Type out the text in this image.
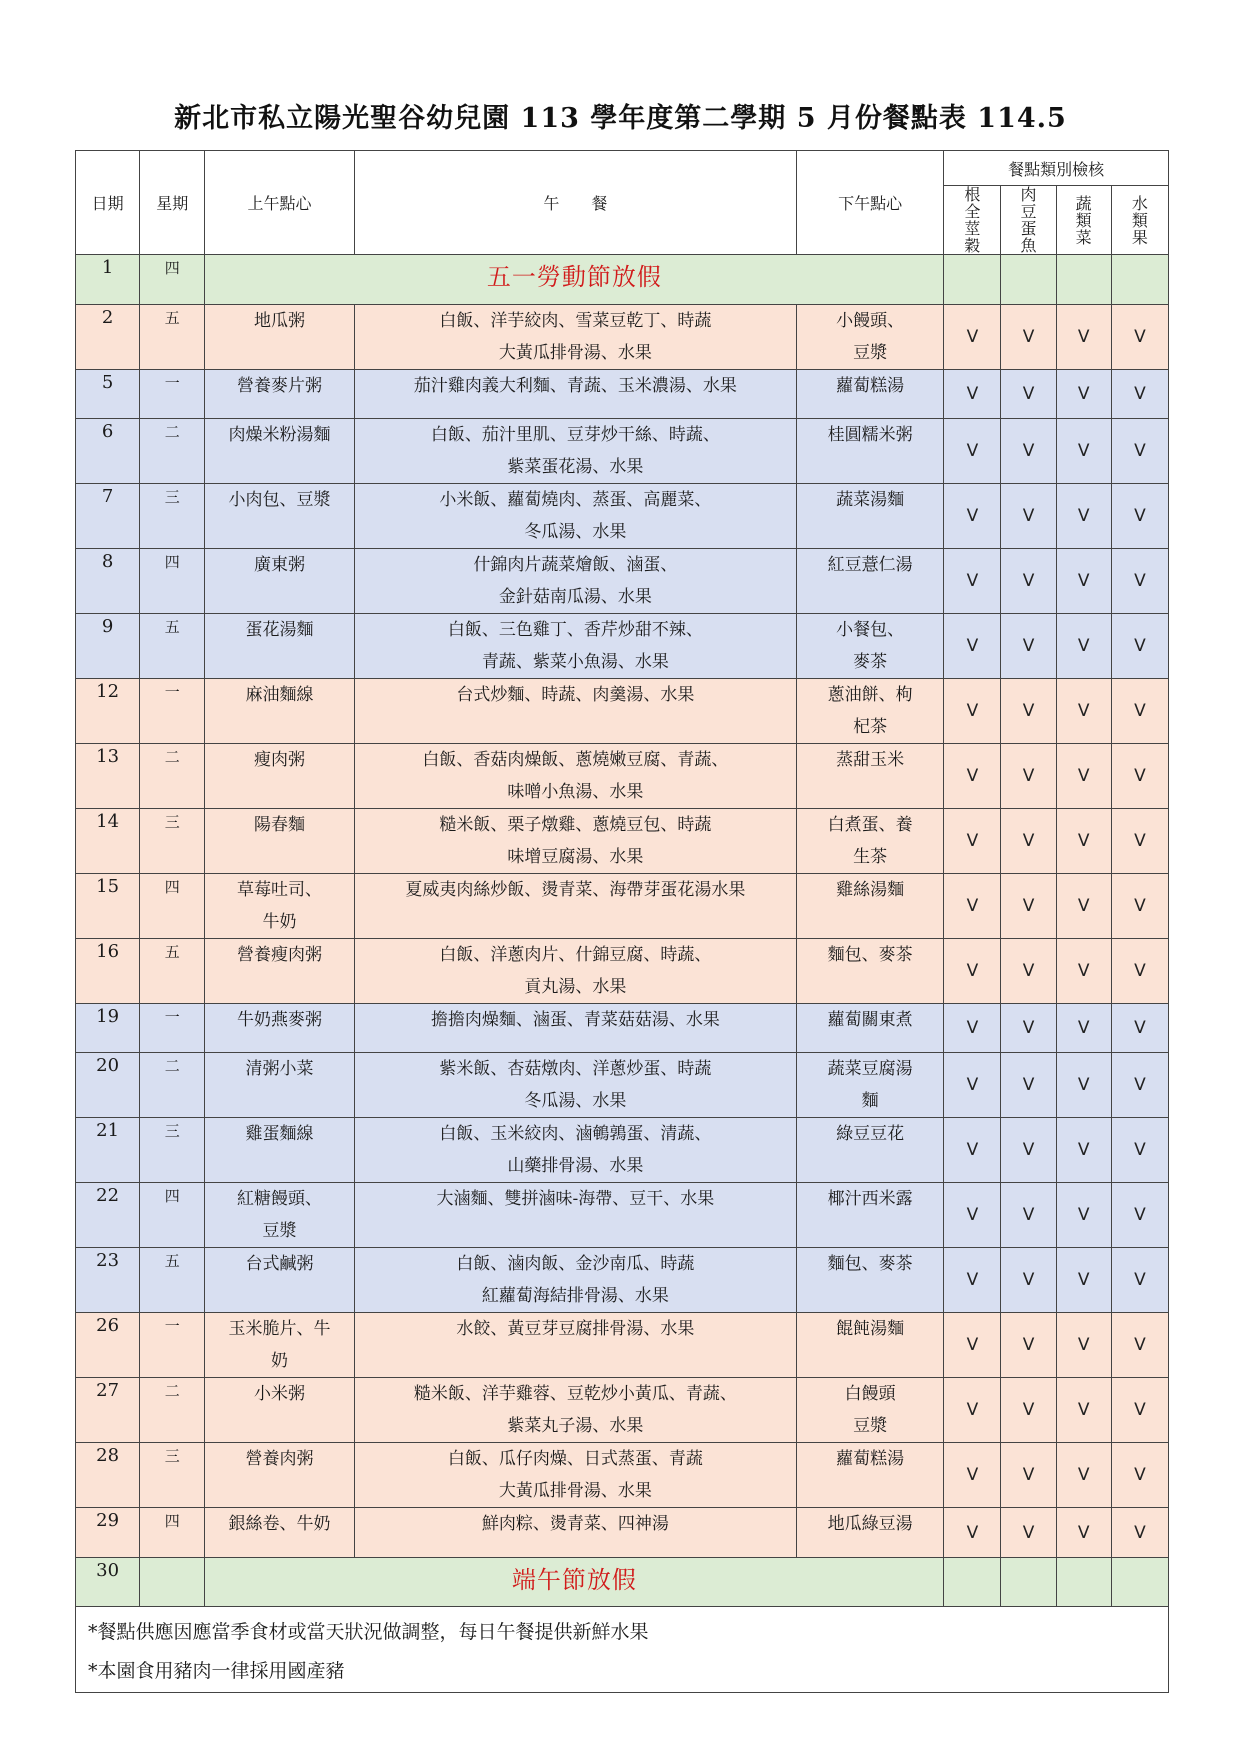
新北市私立陽光聖谷幼兒園 113 學年度第二學期 5 月份餐點表 114.5
日期	星期	上午點心	午　　餐	下午點心	餐點類別檢核			

					根全莖穀	肉豆蛋魚	蔬類菜	水類果

1	四	五一勞動節放假						
2	五	地瓜粥	白飯、洋芋絞肉、雪菜豆乾丁、時蔬
大黃瓜排骨湯、水果	小饅頭、
豆漿	V	V	V	V
5	一	營養麥片粥	茄汁雞肉義大利麵、青蔬、玉米濃湯、水果	蘿蔔糕湯	V	V	V	V
6	二	肉燥米粉湯麵	白飯、茄汁里肌、豆芽炒干絲、時蔬、
紫菜蛋花湯、水果	桂圓糯米粥	V	V	V	V
7	三	小肉包、豆漿	小米飯、蘿蔔燒肉、蒸蛋、高麗菜、
冬瓜湯、水果	蔬菜湯麵	V	V	V	V
8	四	廣東粥	什錦肉片蔬菜燴飯、滷蛋、
金針菇南瓜湯、水果	紅豆薏仁湯	V	V	V	V
9	五	蛋花湯麵	白飯、三色雞丁、香芹炒甜不辣、
青蔬、紫菜小魚湯、水果	小餐包、
麥茶	V	V	V	V
12	一	麻油麵線	台式炒麵、時蔬、肉羹湯、水果	蔥油餅、枸
杞茶	V	V	V	V
13	二	瘦肉粥	白飯、香菇肉燥飯、蔥燒嫩豆腐、青蔬、
味噌小魚湯、水果	蒸甜玉米	V	V	V	V
14	三	陽春麵	糙米飯、栗子燉雞、蔥燒豆包、時蔬
味增豆腐湯、水果	白煮蛋、養
生茶	V	V	V	V
15	四	草莓吐司、
牛奶	夏威夷肉絲炒飯、燙青菜、海帶芽蛋花湯水果	雞絲湯麵	V	V	V	V
16	五	營養瘦肉粥	白飯、洋蔥肉片、什錦豆腐、時蔬、
貢丸湯、水果	麵包、麥茶	V	V	V	V
19	一	牛奶燕麥粥	擔擔肉燥麵、滷蛋、青菜菇菇湯、水果	蘿蔔關東煮	V	V	V	V
20	二	清粥小菜	紫米飯、杏菇燉肉、洋蔥炒蛋、時蔬
冬瓜湯、水果	蔬菜豆腐湯
麵	V	V	V	V
21	三	雞蛋麵線	白飯、玉米絞肉、滷鵪鶉蛋、清蔬、
山藥排骨湯、水果	綠豆豆花	V	V	V	V
22	四	紅糖饅頭、
豆漿	大滷麵、雙拼滷味-海帶、豆干、水果	椰汁西米露	V	V	V	V
23	五	台式鹹粥	白飯、滷肉飯、金沙南瓜、時蔬
紅蘿蔔海結排骨湯、水果	麵包、麥茶	V	V	V	V
26	一	玉米脆片、牛
奶	水餃、黃豆芽豆腐排骨湯、水果	餛飩湯麵	V	V	V	V
27	二	小米粥	糙米飯、洋芋雞蓉、豆乾炒小黃瓜、青蔬、
紫菜丸子湯、水果	白饅頭
豆漿	V	V	V	V
28	三	營養肉粥	白飯、瓜仔肉燥、日式蒸蛋、青蔬
大黃瓜排骨湯、水果	蘿蔔糕湯	V	V	V	V
29	四	銀絲卷、牛奶	鮮肉粽、燙青菜、四神湯	地瓜綠豆湯	V	V	V	V
30		端午節放假						

*餐點供應因應當季食材或當天狀況做調整，每日午餐提供新鮮水果
*本園食用豬肉一律採用國產豬								
